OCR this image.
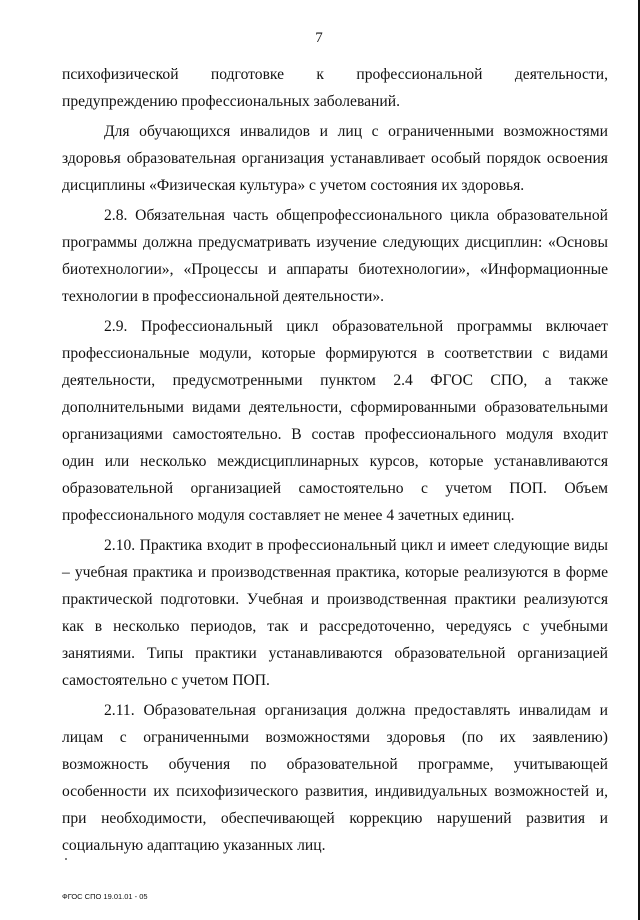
7

психофизической подготовке к профессиональной деятельности, предупреждению профессиональных заболеваний.

Для обучающихся инвалидов и лиц с ограниченными возможностями здоровья образовательная организация устанавливает особый порядок освоения дисциплины «Физическая культура» с учетом состояния их здоровья.

2.8. Обязательная часть общепрофессионального цикла образовательной программы должна предусматривать изучение следующих дисциплин: «Основы биотехнологии», «Процессы и аппараты биотехнологии», «Информационные технологии в профессиональной деятельности».

2.9. Профессиональный цикл образовательной программы включает профессиональные модули, которые формируются в соответствии с видами деятельности, предусмотренными пунктом 2.4 ФГОС СПО, а также дополнительными видами деятельности, сформированными образовательными организациями самостоятельно. В состав профессионального модуля входит один или несколько междисциплинарных курсов, которые устанавливаются образовательной организацией самостоятельно с учетом ПОП. Объем профессионального модуля составляет не менее 4 зачетных единиц.

2.10. Практика входит в профессиональный цикл и имеет следующие виды – учебная практика и производственная практика, которые реализуются в форме практической подготовки. Учебная и производственная практики реализуются как в несколько периодов, так и рассредоточенно, чередуясь с учебными занятиями. Типы практики устанавливаются образовательной организацией самостоятельно с учетом ПОП.

2.11. Образовательная организация должна предоставлять инвалидам и лицам с ограниченными возможностями здоровья (по их заявлению) возможность обучения по образовательной программе, учитывающей особенности их психофизического развития, индивидуальных возможностей и, при необходимости, обеспечивающей коррекцию нарушений развития и социальную адаптацию указанных лиц.

ФГОС СПО 19.01.01 - 05
